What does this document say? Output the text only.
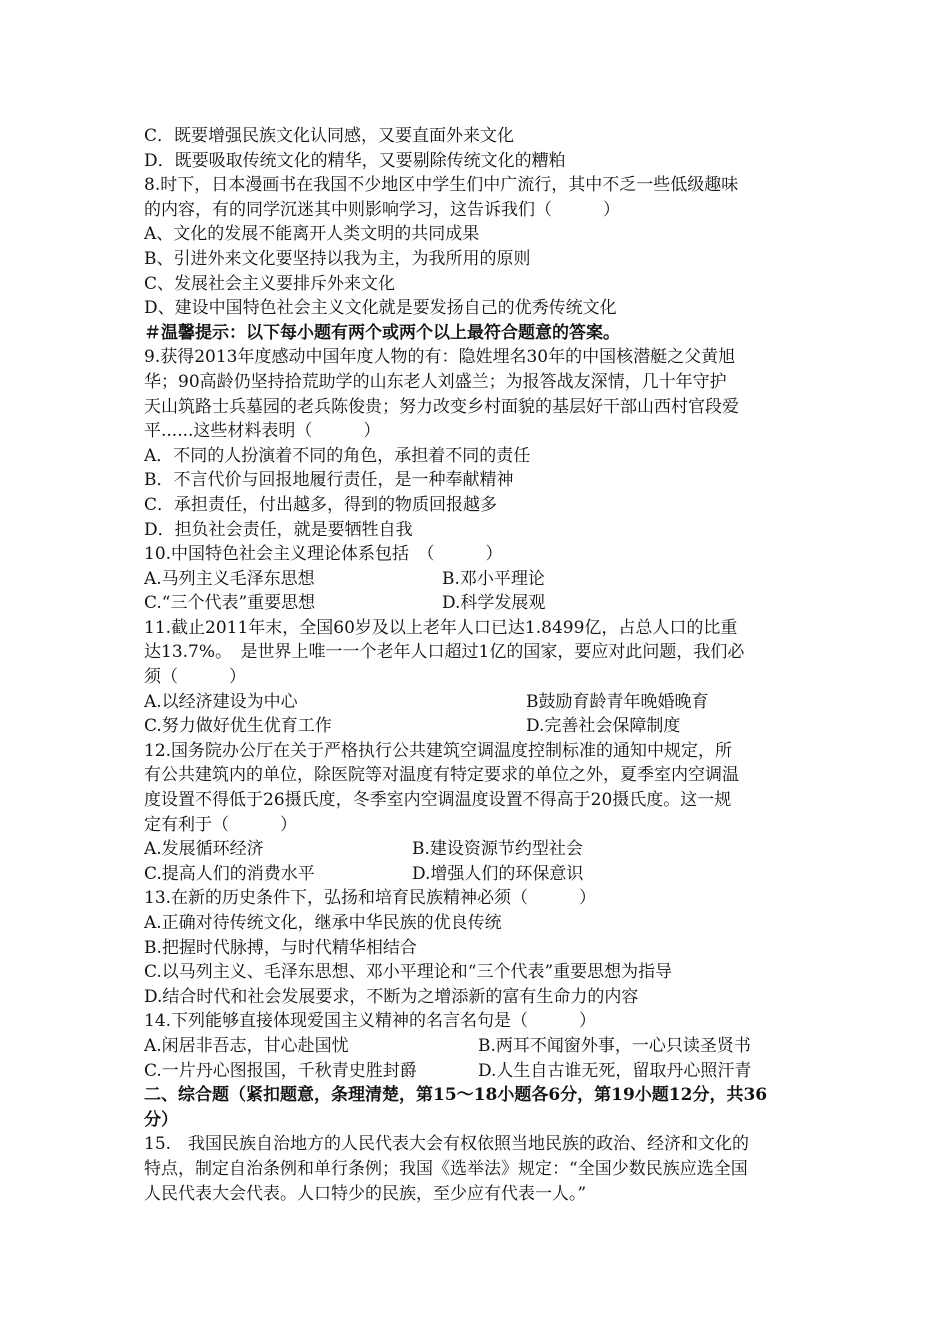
C．既要增强民族文化认同感，又要直面外来文化
D．既要吸取传统文化的精华，又要剔除传统文化的糟粕
8.时下，日本漫画书在我国不少地区中学生们中广流行，其中不乏一些低级趣味
的内容，有的同学沉迷其中则影响学习，这告诉我们（　　　）
A、文化的发展不能离开人类文明的共同成果
B、引进外来文化要坚持以我为主，为我所用的原则
C、发展社会主义要排斥外来文化
D、建设中国特色社会主义文化就是要发扬自己的优秀传统文化
＃温馨提示：以下每小题有两个或两个以上最符合题意的答案。
9.获得2013年度感动中国年度人物的有：隐姓埋名30年的中国核潜艇之父黄旭
华；90高龄仍坚持拾荒助学的山东老人刘盛兰；为报答战友深情，几十年守护
天山筑路士兵墓园的老兵陈俊贵；努力改变乡村面貌的基层好干部山西村官段爱
平......这些材料表明（　　　）
A．不同的人扮演着不同的角色，承担着不同的责任
B．不言代价与回报地履行责任，是一种奉献精神
C．承担责任，付出越多，得到的物质回报越多
D．担负社会责任，就是要牺牲自我
10.中国特色社会主义理论体系包括　（　　　）
A.马列主义毛泽东思想	B.邓小平理论
C.“三个代表”重要思想	D.科学发展观
11.截止2011年末，全国60岁及以上老年人口已达1.8499亿，占总人口的比重
达13.7%。　是世界上唯一一个老年人口超过1亿的国家，要应对此问题，我们必
须（　　　）
A.以经济建设为中心	B鼓励育龄青年晚婚晚育
C.努力做好优生优育工作	D.完善社会保障制度
12.国务院办公厅在关于严格执行公共建筑空调温度控制标准的通知中规定，所
有公共建筑内的单位，除医院等对温度有特定要求的单位之外，夏季室内空调温
度设置不得低于26摄氏度，冬季室内空调温度设置不得高于20摄氏度。这一规
定有利于（　　　）
A.发展循环经济	B.建设资源节约型社会
C.提高人们的消费水平	D.增强人们的环保意识
13.在新的历史条件下，弘扬和培育民族精神必须（　　　）
A.正确对待传统文化，继承中华民族的优良传统
B.把握时代脉搏，与时代精华相结合
C.以马列主义、毛泽东思想、邓小平理论和“三个代表”重要思想为指导
D.结合时代和社会发展要求，不断为之增添新的富有生命力的内容
14.下列能够直接体现爱国主义精神的名言名句是（　　　）
A.闲居非吾志，甘心赴国忧	B.两耳不闻窗外事，一心只读圣贤书
C.一片丹心图报国，千秋青史胜封爵	D.人生自古谁无死，留取丹心照汗青
二、综合题（紧扣题意，条理清楚，第15～18小题各6分，第19小题12分，共36
分）
15.　我国民族自治地方的人民代表大会有权依照当地民族的政治、经济和文化的
特点，制定自治条例和单行条例；我国《选举法》规定：“全国少数民族应选全国
人民代表大会代表。人口特少的民族，至少应有代表一人。”
